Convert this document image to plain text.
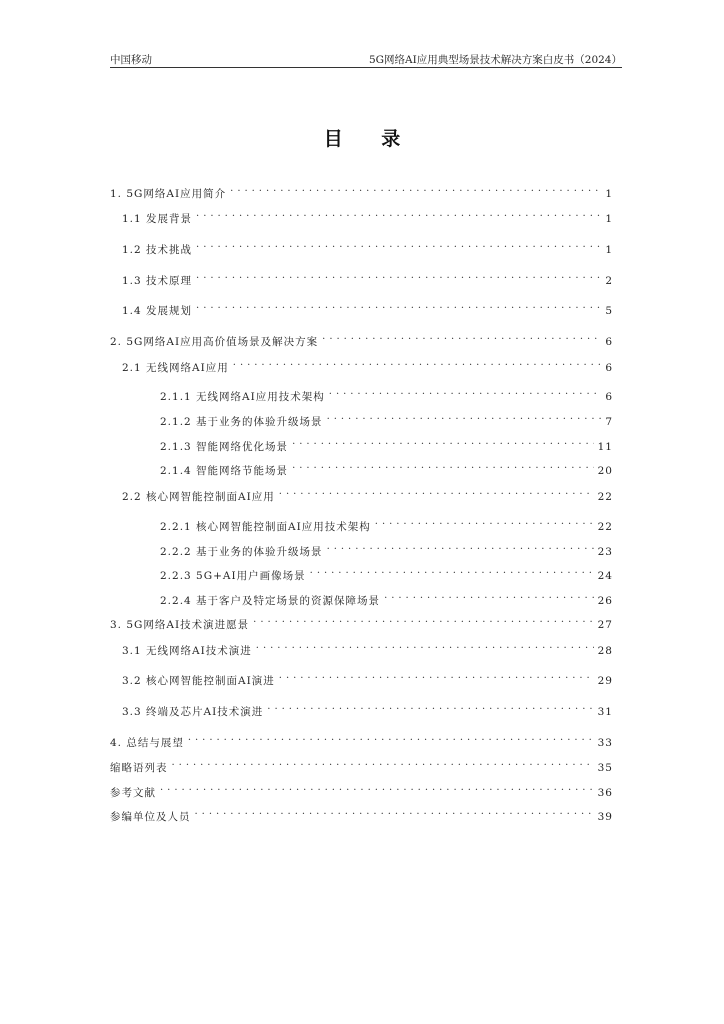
中国移动	5G网络AI应用典型场景技术解决方案白皮书（2024）
目 录
1. 5G网络AI应用简介 . . .	1
1.1 发展背景 . . .	1
1.2 技术挑战 . . .	1
1.3 技术原理 . . .	2
1.4 发展规划 . . .	5
2. 5G网络AI应用高价值场景及解决方案 . . .	6
2.1 无线网络AI应用 . . .	6
2.1.1 无线网络AI应用技术架构 . . .	6
2.1.2 基于业务的体验升级场景 . . .	7
2.1.3 智能网络优化场景 . . .	11
2.1.4 智能网络节能场景 . . .	20
2.2 核心网智能控制面AI应用 . . .	22
2.2.1 核心网智能控制面AI应用技术架构 . . .	22
2.2.2 基于业务的体验升级场景 . . .	23
2.2.3 5G+AI用户画像场景 . . .	24
2.2.4 基于客户及特定场景的资源保障场景 . . .	26
3. 5G网络AI技术演进愿景 . . .	27
3.1 无线网络AI技术演进 . . .	28
3.2 核心网智能控制面AI演进 . . .	29
3.3 终端及芯片AI技术演进 . . .	31
4. 总结与展望 . . .	33
缩略语列表 . . .	35
参考文献 . . .	36
参编单位及人员 . . .	39
